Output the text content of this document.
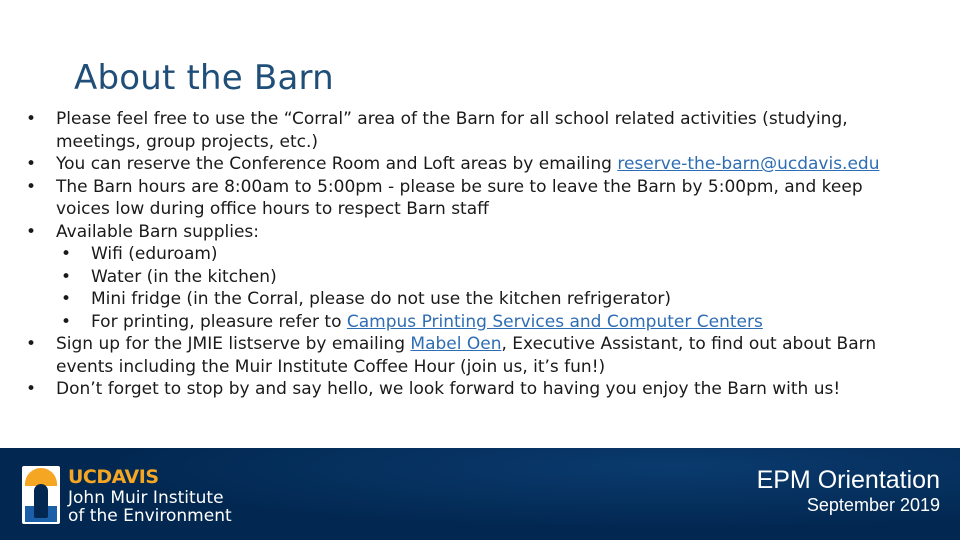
About the Barn
• Please feel free to use the “Corral” area of the Barn for all school related activities (studying,
meetings, group projects, etc.)
• You can reserve the Conference Room and Loft areas by emailing reserve-the-barn@ucdavis.edu
• The Barn hours are 8:00am to 5:00pm - please be sure to leave the Barn by 5:00pm, and keep
voices low during office hours to respect Barn staff
• Available Barn supplies:
• Wifi (eduroam)
• Water (in the kitchen)
• Mini fridge (in the Corral, please do not use the kitchen refrigerator)
• For printing, pleasure refer to Campus Printing Services and Computer Centers
• Sign up for the JMIE listserve by emailing Mabel Oen, Executive Assistant, to find out about Barn
events including the Muir Institute Coffee Hour (join us, it’s fun!)
• Don’t forget to stop by and say hello, we look forward to having you enjoy the Barn with us!
UCDAVIS
John Muir Institute
of the Environment
EPM Orientation
September 2019
